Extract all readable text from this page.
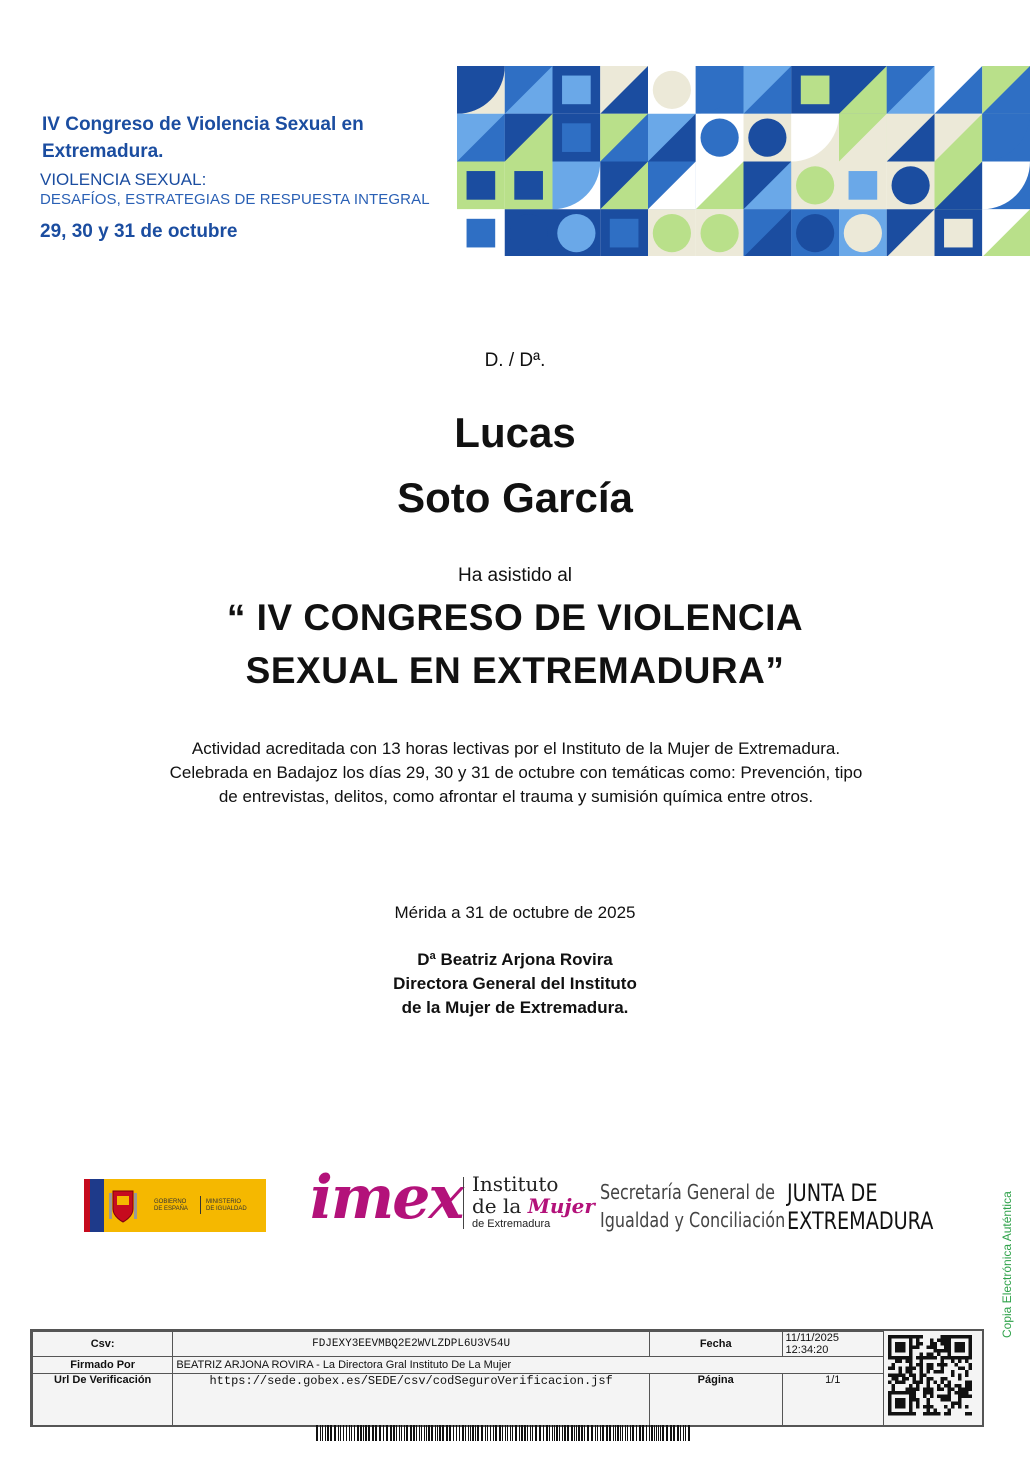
IV Congreso de Violencia Sexual en Extremadura.
VIOLENCIA SEXUAL:
DESAFÍOS, ESTRATEGIAS DE RESPUESTA INTEGRAL
29, 30 y 31 de octubre
D. / Dª.
Lucas
Soto García
Ha asistido al
“ IV CONGRESO DE VIOLENCIA
SEXUAL EN EXTREMADURA”
Actividad acreditada con 13 horas lectivas por el Instituto de la Mujer de Extremadura. Celebrada en Badajoz los días 29, 30 y 31 de octubre con temáticas como: Prevención, tipo de entrevistas, delitos, como afrontar el trauma y sumisión química entre otros.
Mérida a 31 de octubre de 2025
Dª Beatriz Arjona Rovira
Directora General del Instituto
de la Mujer de Extremadura.
GOBIERNO
DE ESPAÑA
MINISTERIO
DE IGUALDAD imex Instituto
de la Mujer
de Extremadura
Secretaría General de
Igualdad y Conciliación
JUNTA DE
EXTREMADURA	Copia Electrónica Auténtica
Csv:	FDJEXY3EEVMBQ2E2WVLZDPL6U3V54U	Fecha	11/11/2025 12:34:20
Firmado Por	BEATRIZ ARJONA ROVIRA - La Directora Gral Instituto De La Mujer		
Url De Verificación	https://sede.gobex.es/SEDE/csv/codSeguroVerificacion.jsf	Página	1/1
